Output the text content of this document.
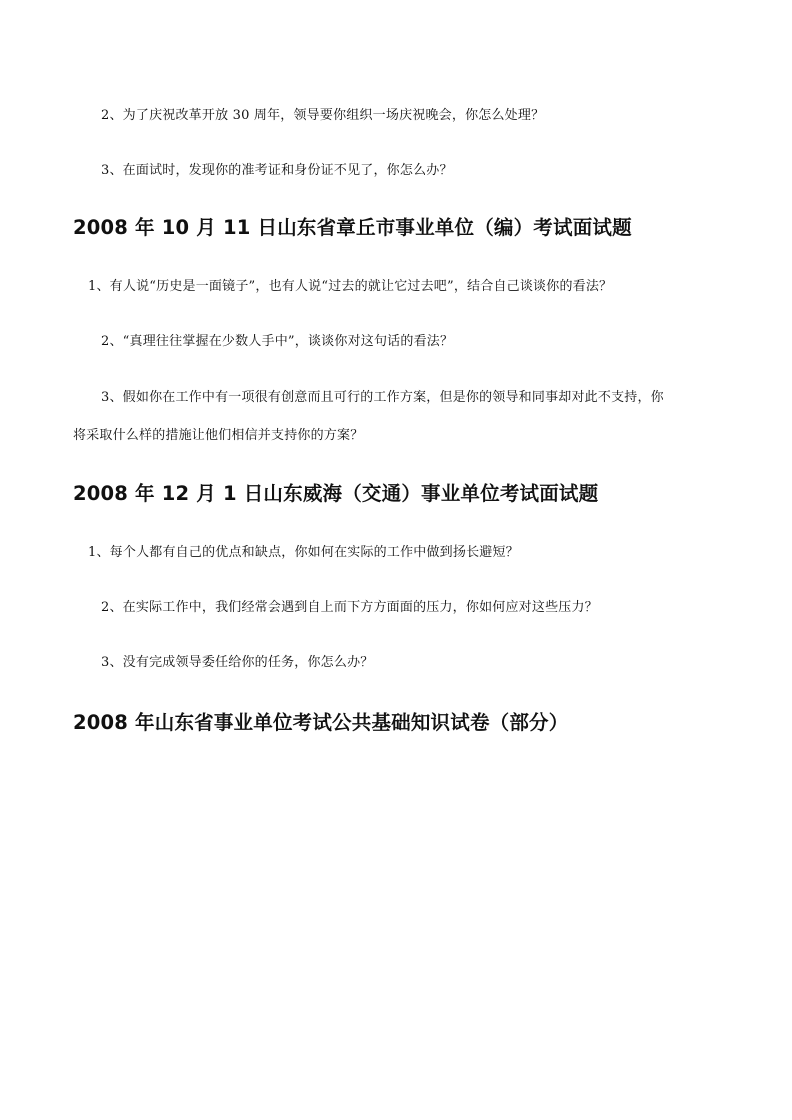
2、为了庆祝改革开放 30 周年，领导要你组织一场庆祝晚会，你怎么处理？
3、在面试时，发现你的准考证和身份证不见了，你怎么办？
2008 年 10 月 11 日山东省章丘市事业单位（编）考试面试题
1、有人说“历史是一面镜子”，也有人说“过去的就让它过去吧”，结合自己谈谈你的看法？
2、“真理往往掌握在少数人手中”，谈谈你对这句话的看法？
3、假如你在工作中有一项很有创意而且可行的工作方案，但是你的领导和同事却对此不支持，你
将采取什么样的措施让他们相信并支持你的方案？
2008 年 12 月 1 日山东威海（交通）事业单位考试面试题
1、每个人都有自己的优点和缺点，你如何在实际的工作中做到扬长避短？
2、在实际工作中，我们经常会遇到自上而下方方面面的压力，你如何应对这些压力？
3、没有完成领导委任给你的任务，你怎么办？
2008 年山东省事业单位考试公共基础知识试卷（部分）
